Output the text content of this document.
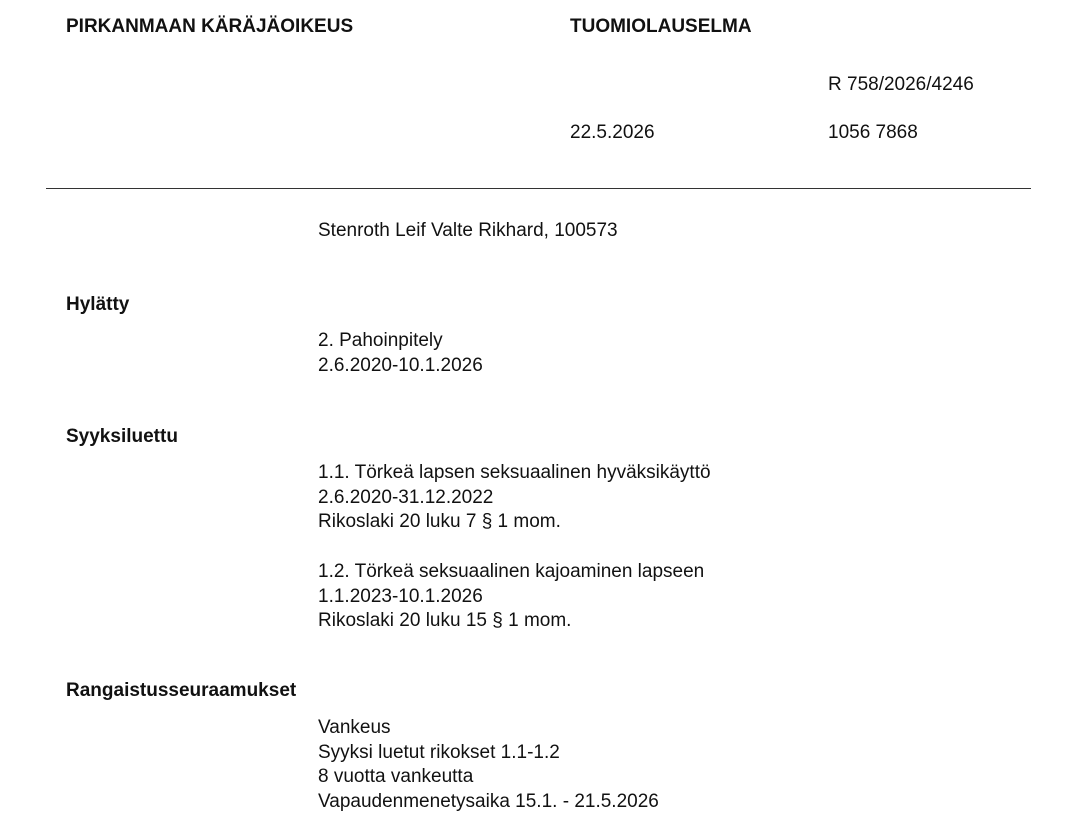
PIRKANMAAN KÄRÄJÄOIKEUS	TUOMIOLAUSELMA
R 758/2026/4246
22.5.2026	1056 7868
Stenroth Leif Valte Rikhard, 100573
Hylätty
2. Pahoinpitely
2.6.2020-10.1.2026
Syyksiluettu
1.1. Törkeä lapsen seksuaalinen hyväksikäyttö
2.6.2020-31.12.2022
Rikoslaki 20 luku 7 § 1 mom.
1.2. Törkeä seksuaalinen kajoaminen lapseen
1.1.2023-10.1.2026
Rikoslaki 20 luku 15 § 1 mom.
Rangaistusseuraamukset
Vankeus
Syyksi luetut rikokset 1.1-1.2
8 vuotta vankeutta
Vapaudenmenetysaika 15.1. - 21.5.2026
